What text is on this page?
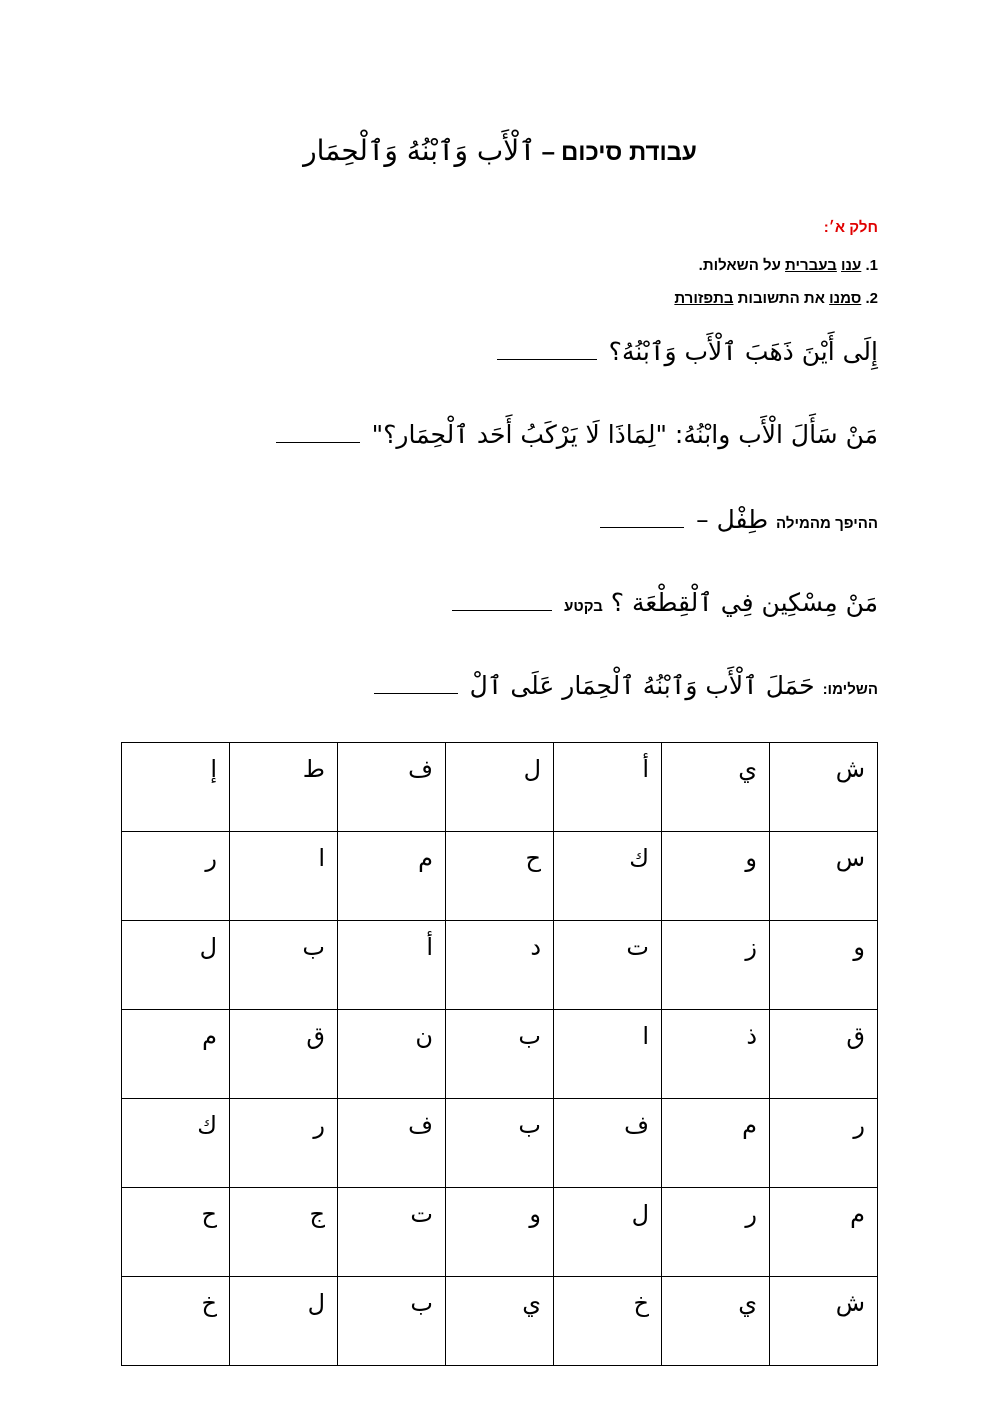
עבודת סיכום–ٱلْأَب وَٱبْنُهُ وَٱلْحِمَار
חלק א׳:
1. ענו בעברית על השאלות.
2. סמנו את התשובות בתפזורת
إِلَى أَيْنَ ذَهَبَ ٱلْأَب وَٱبْنُهُ؟
مَنْ سَأَلَ الْأَب وابْنُهُ: "لِمَاذَا لَا يَرْكَبُ أَحَد ٱلْحِمَار؟"
ההיפך מהמילה طِفْل –
مَنْ مِسْكِين فِي ٱلْقِطْعَة ؟ בקטע
השלימו: حَمَلَ ٱلْأَب وَٱبْنُهُ ٱلْحِمَار عَلَى ٱلْ
ش	ي	أ	ل	ف	ط	إ
س	و	ك	ح	م	ا	ر
و	ز	ت	د	أ	ب	ل
ق	ذ	ا	ب	ن	ق	م
ر	م	ف	ب	ف	ر	ك
م	ر	ل	و	ت	ج	ح
ش	ي	خ	ي	ب	ل	خ
